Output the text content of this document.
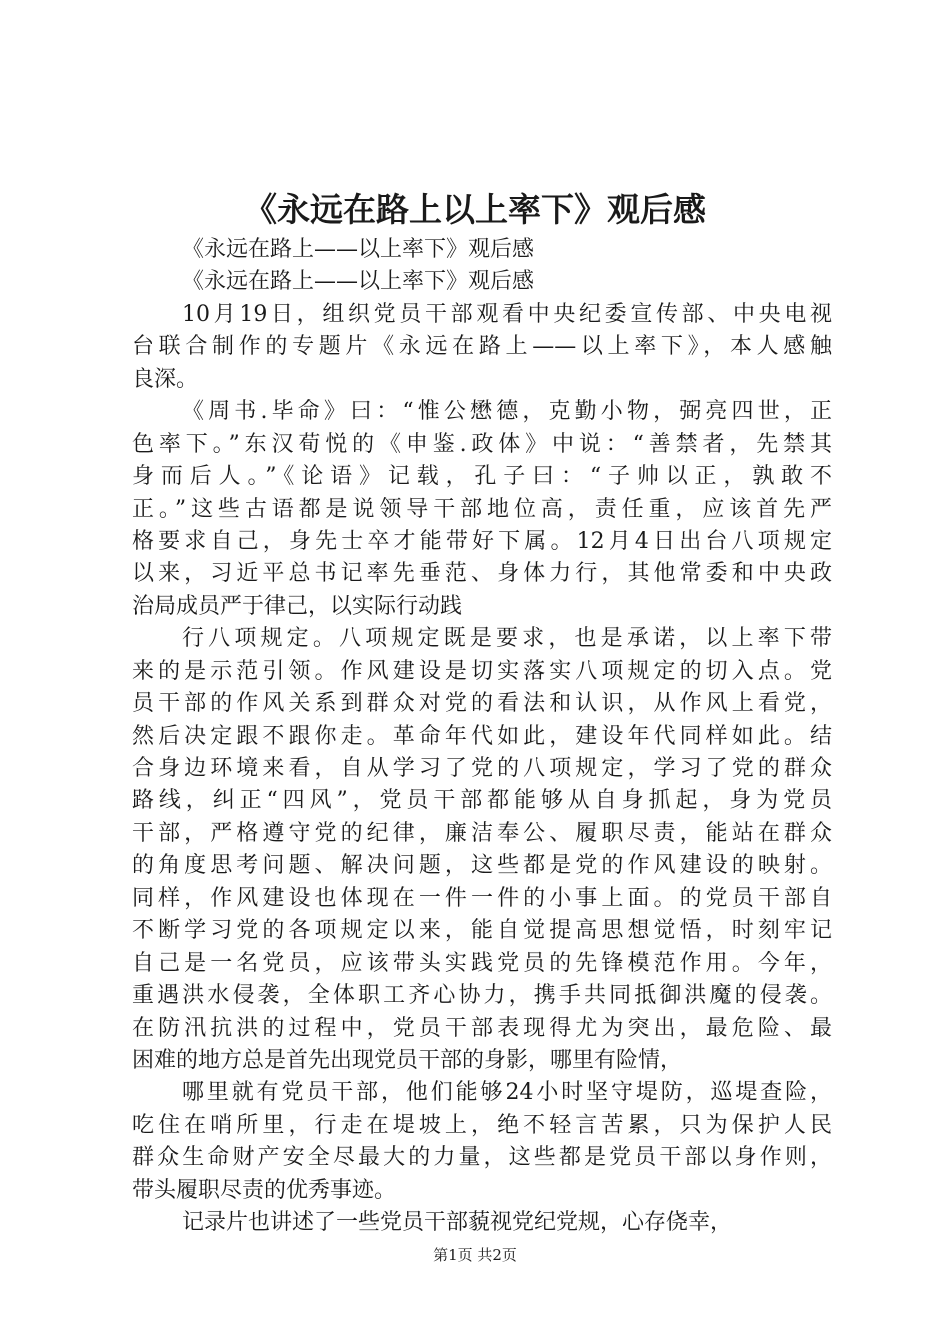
《永远在路上以上率下》观后感
《永远在路上——以上率下》观后感
《永远在路上——以上率下》观后感
10月19日，组织党员干部观看中央纪委宣传部、中央电视
台联合制作的专题片《永远在路上——以上率下》，本人感触
良深。
《周书.毕命》曰：“惟公懋德，克勤小物，弼亮四世，正
色率下。”东汉荀悦的《申鉴.政体》中说：“善禁者，先禁其
身而后人。”《论语》记载，孔子曰：“子帅以正，孰敢不
正。”这些古语都是说领导干部地位高，责任重，应该首先严
格要求自己，身先士卒才能带好下属。12月4日出台八项规定
以来，习近平总书记率先垂范、身体力行，其他常委和中央政
治局成员严于律己，以实际行动践
行八项规定。八项规定既是要求，也是承诺，以上率下带
来的是示范引领。作风建设是切实落实八项规定的切入点。党
员干部的作风关系到群众对党的看法和认识，从作风上看党，
然后决定跟不跟你走。革命年代如此，建设年代同样如此。结
合身边环境来看，自从学习了党的八项规定，学习了党的群众
路线，纠正“四风”，党员干部都能够从自身抓起，身为党员
干部，严格遵守党的纪律，廉洁奉公、履职尽责，能站在群众
的角度思考问题、解决问题，这些都是党的作风建设的映射。
同样，作风建设也体现在一件一件的小事上面。的党员干部自
不断学习党的各项规定以来，能自觉提高思想觉悟，时刻牢记
自己是一名党员，应该带头实践党员的先锋模范作用。今年，
重遇洪水侵袭，全体职工齐心协力，携手共同抵御洪魔的侵袭。
在防汛抗洪的过程中，党员干部表现得尤为突出，最危险、最
困难的地方总是首先出现党员干部的身影，哪里有险情，
哪里就有党员干部，他们能够24小时坚守堤防，巡堤查险，
吃住在哨所里，行走在堤坡上，绝不轻言苦累，只为保护人民
群众生命财产安全尽最大的力量，这些都是党员干部以身作则，
带头履职尽责的优秀事迹。
记录片也讲述了一些党员干部藐视党纪党规，心存侥幸，
第1页 共2页
